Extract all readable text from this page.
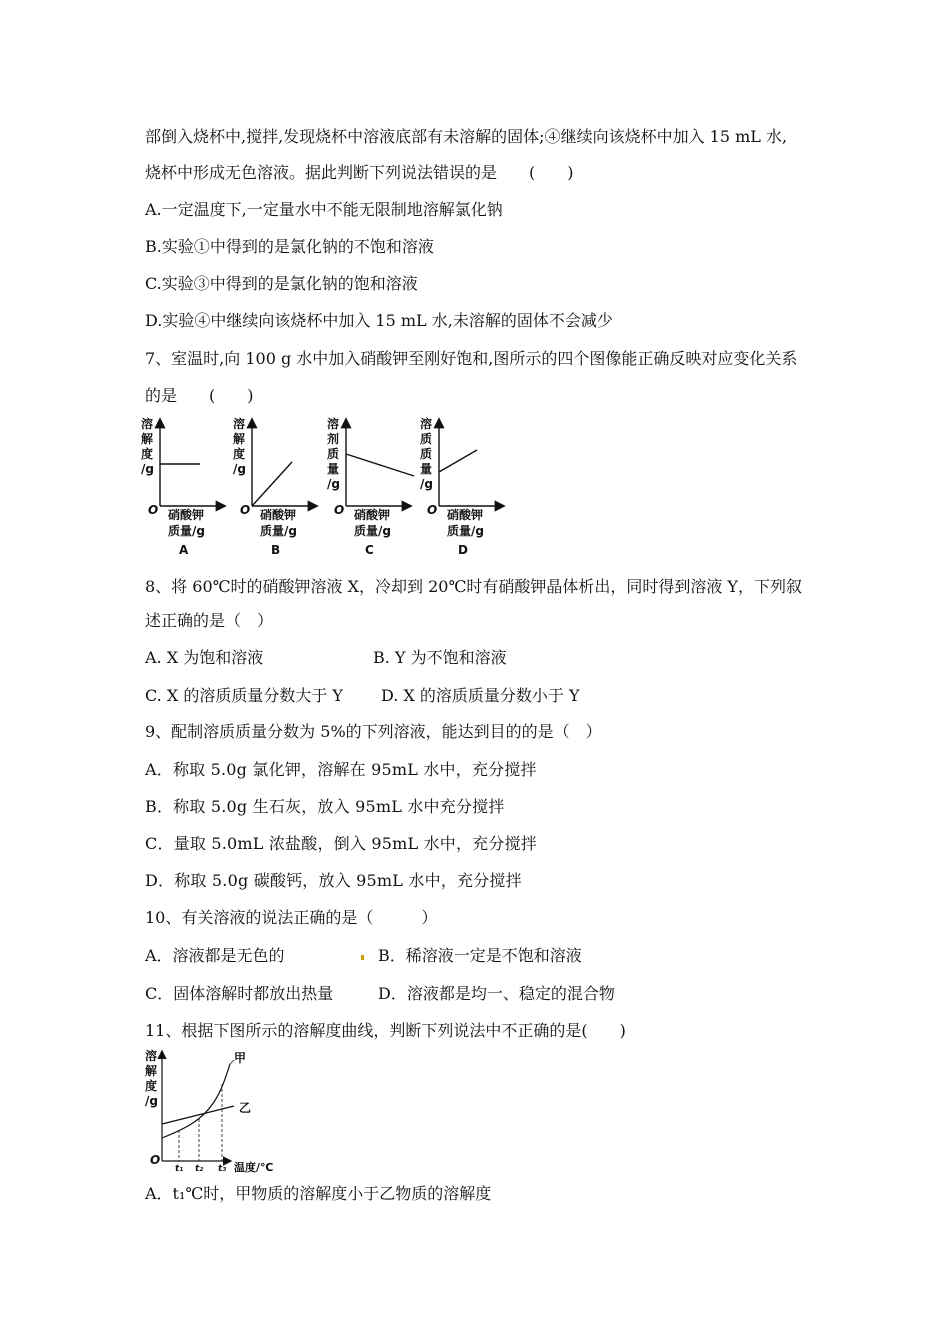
部倒入烧杯中,搅拌,发现烧杯中溶液底部有未溶解的固体;④继续向该烧杯中加入 15 mL 水,
烧杯中形成无色溶液。据此判断下列说法错误的是　　(　　)
A.一定温度下,一定量水中不能无限制地溶解氯化钠
B.实验①中得到的是氯化钠的不饱和溶液
C.实验③中得到的是氯化钠的饱和溶液
D.实验④中继续向该烧杯中加入 15 mL 水,未溶解的固体不会减少
7、室温时,向 100 g 水中加入硝酸钾至刚好饱和,图所示的四个图像能正确反映对应变化关系
的是　　(　　)
溶
解
度
/g
O 硝酸钾
质量/g
A
溶
解
度
/g
O 硝酸钾
质量/g
B
溶
剂
质
量
/g
O 硝酸钾
质量/g
C
溶
质
质
量
/g
O 硝酸钾
质量/g
D
8、将 60℃时的硝酸钾溶液 X，冷却到 20℃时有硝酸钾晶体析出，同时得到溶液 Y，下列叙
述正确的是（　）
A. X 为饱和溶液	B. Y 为不饱和溶液
C. X 的溶质质量分数大于 Y D. X 的溶质质量分数小于 Y
9、配制溶质质量分数为 5%的下列溶液，能达到目的的是（　）
A．称取 5.0g 氯化钾，溶解在 95mL 水中，充分搅拌
B．称取 5.0g 生石灰，放入 95mL 水中充分搅拌
C．量取 5.0mL 浓盐酸，倒入 95mL 水中，充分搅拌
D．称取 5.0g 碳酸钙，放入 95mL 水中，充分搅拌
10、有关溶液的说法正确的是（　　　）
A．溶液都是无色的	B．稀溶液一定是不饱和溶液
C．固体溶解时都放出热量	D．溶液都是均一、稳定的混合物
11、根据下图所示的溶解度曲线，判断下列说法中不正确的是(　　)
溶
解
度
/g
O
甲
乙
t₁ t₂ t₃ 温度/℃
A．t₁℃时，甲物质的溶解度小于乙物质的溶解度
